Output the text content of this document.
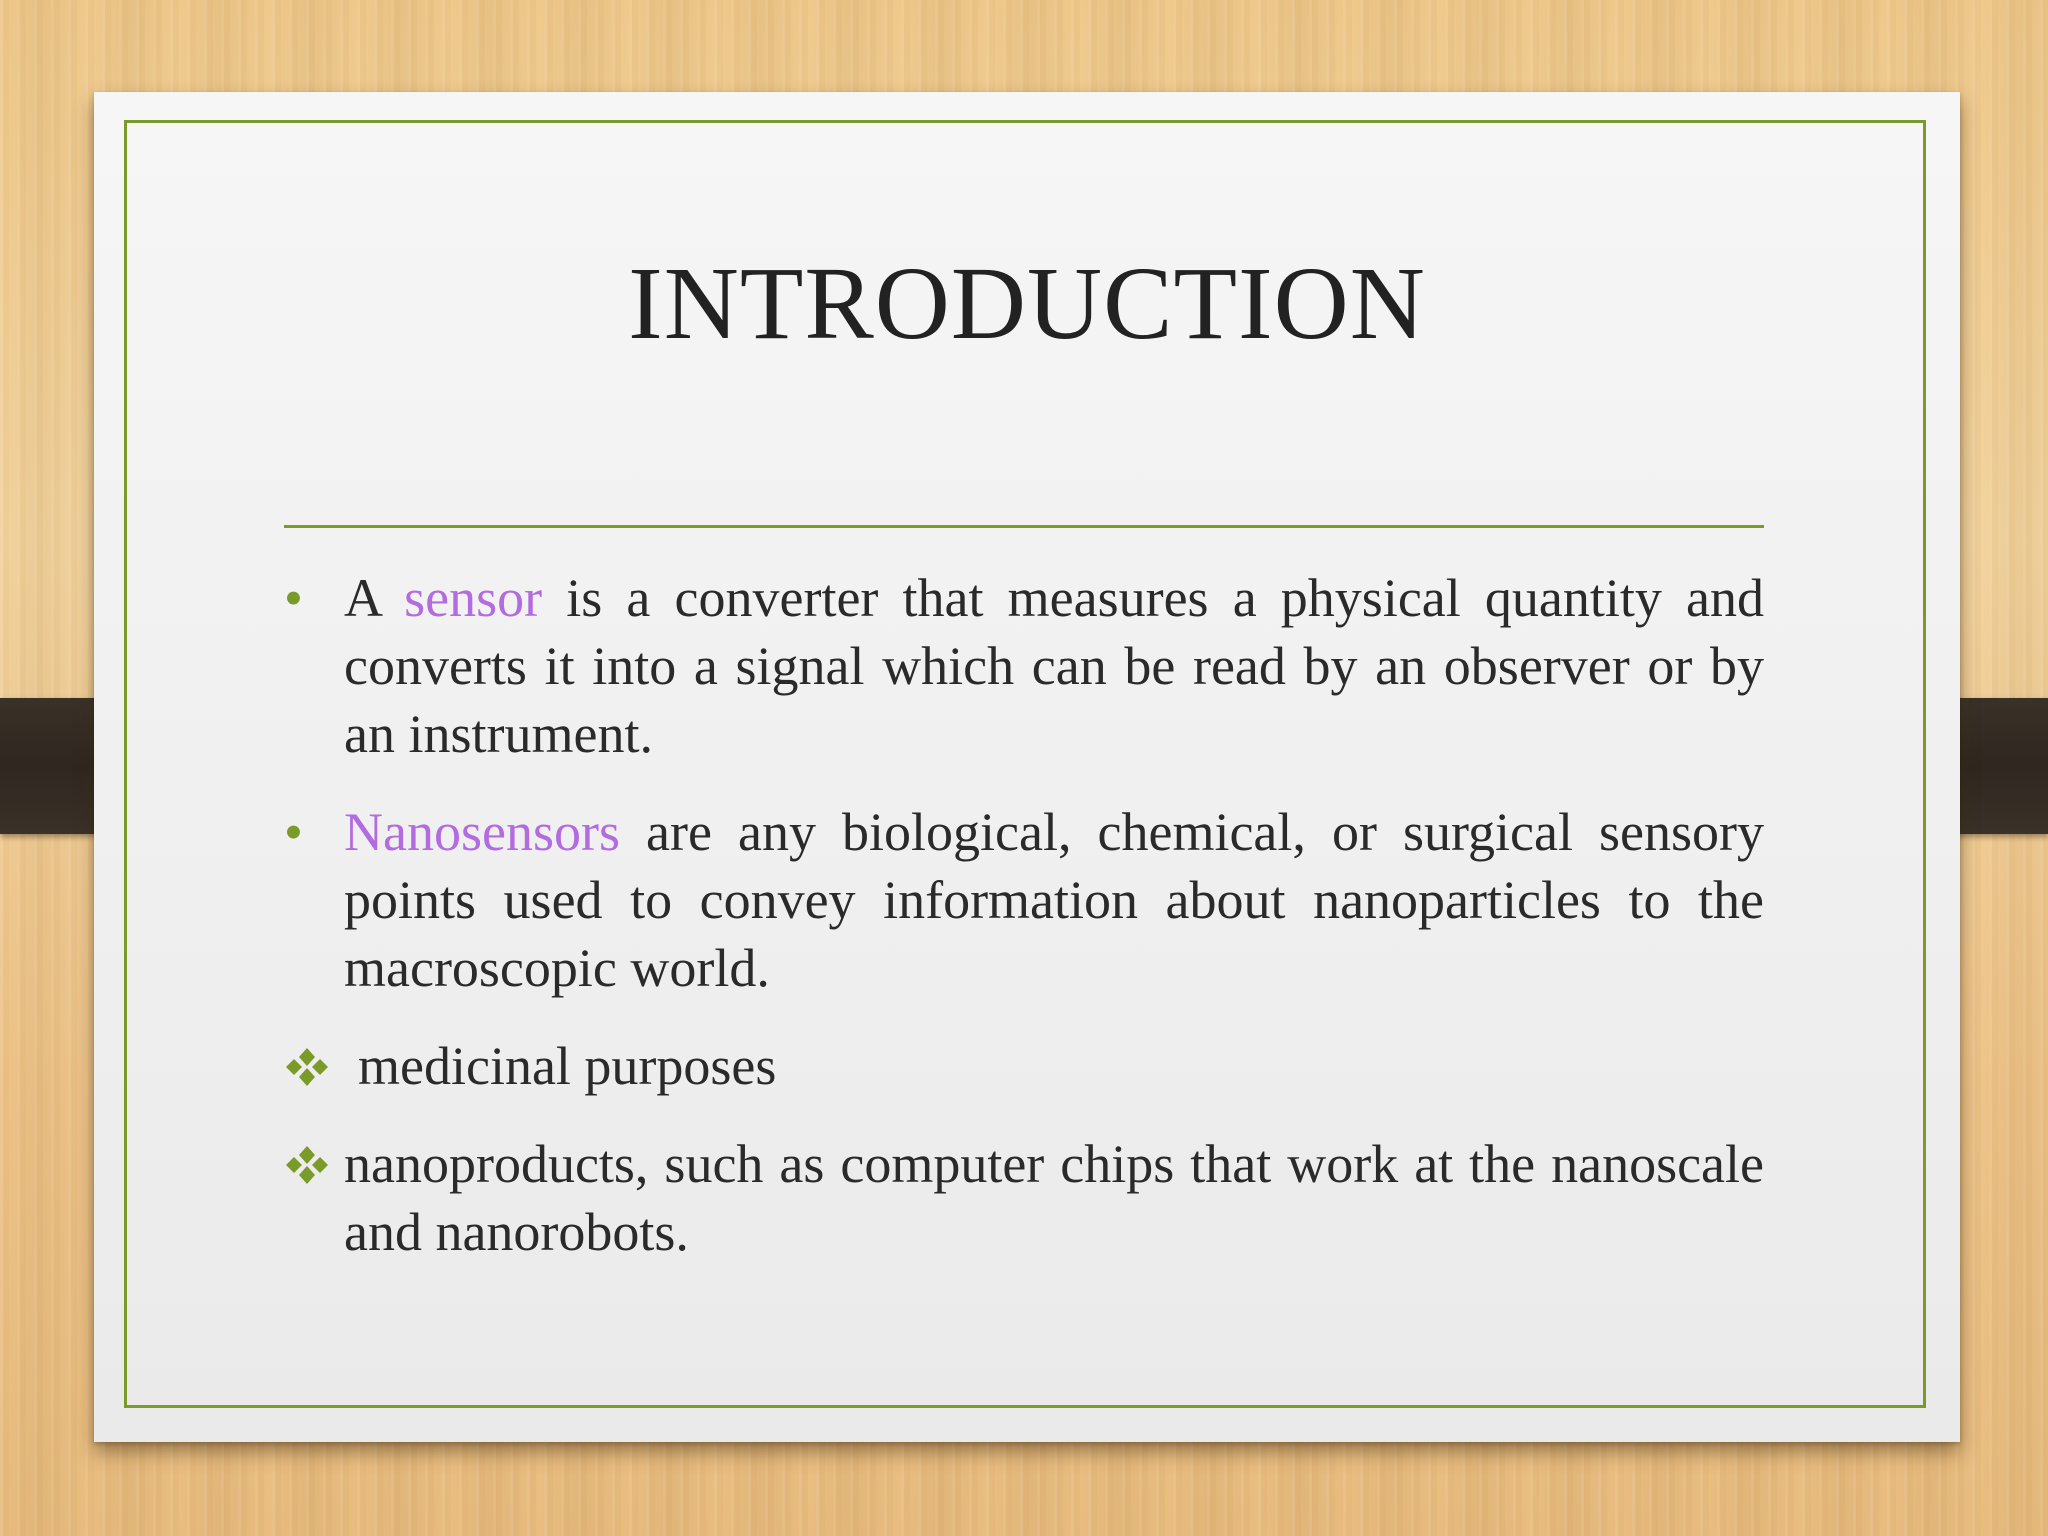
INTRODUCTION
• A sensor is a converter that measures a physical quantity and converts it into a signal which can be read by an observer or by an instrument.
• Nanosensors are any biological, chemical, or surgical sensory points used to convey information about nanoparticles to the macroscopic world.
medicinal purposes
nanoproducts, such as computer chips that work at the nanoscale and nanorobots.
